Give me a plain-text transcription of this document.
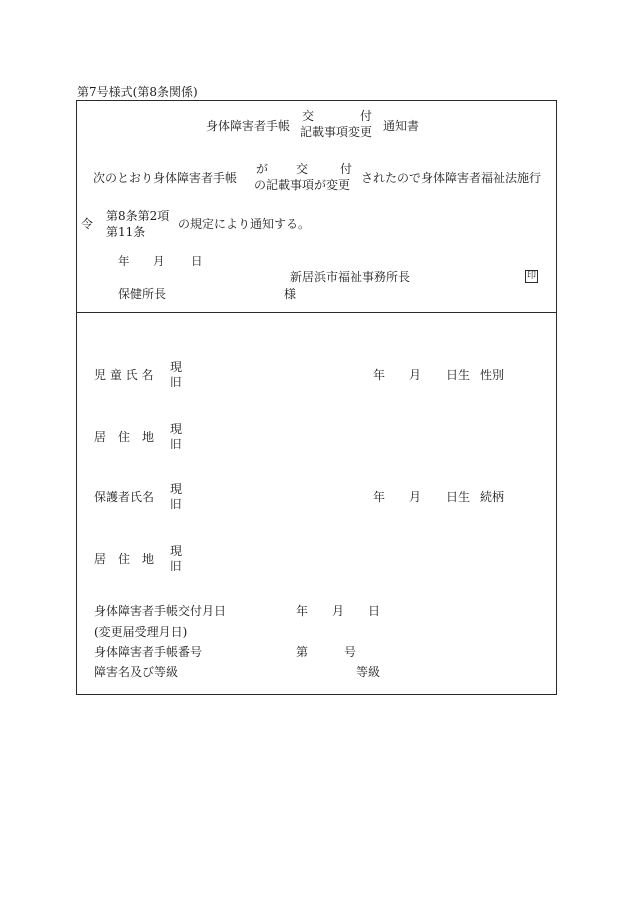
第7号様式(第8条関係)
身体障害者手帳
交	付
記載事項変更 通知書
次のとおり身体障害者手帳
が 交	付
の記載事項が変更 されたので身体障害者福祉法施行
令
第8条第2項
第11条
の規定により通知する。
年 月 日
新居浜市福祉事務所長	印
保健所長	様
児 童 氏 名
現
旧	年 月 日生 性別
居　住　地
現
旧
保護者氏名
現
旧	年 月 日生 続柄
居　住　地
現
旧
身体障害者手帳交付月日	年 月 日
(変更届受理月日)
身体障害者手帳番号	第	号
障害名及び等級	等級
